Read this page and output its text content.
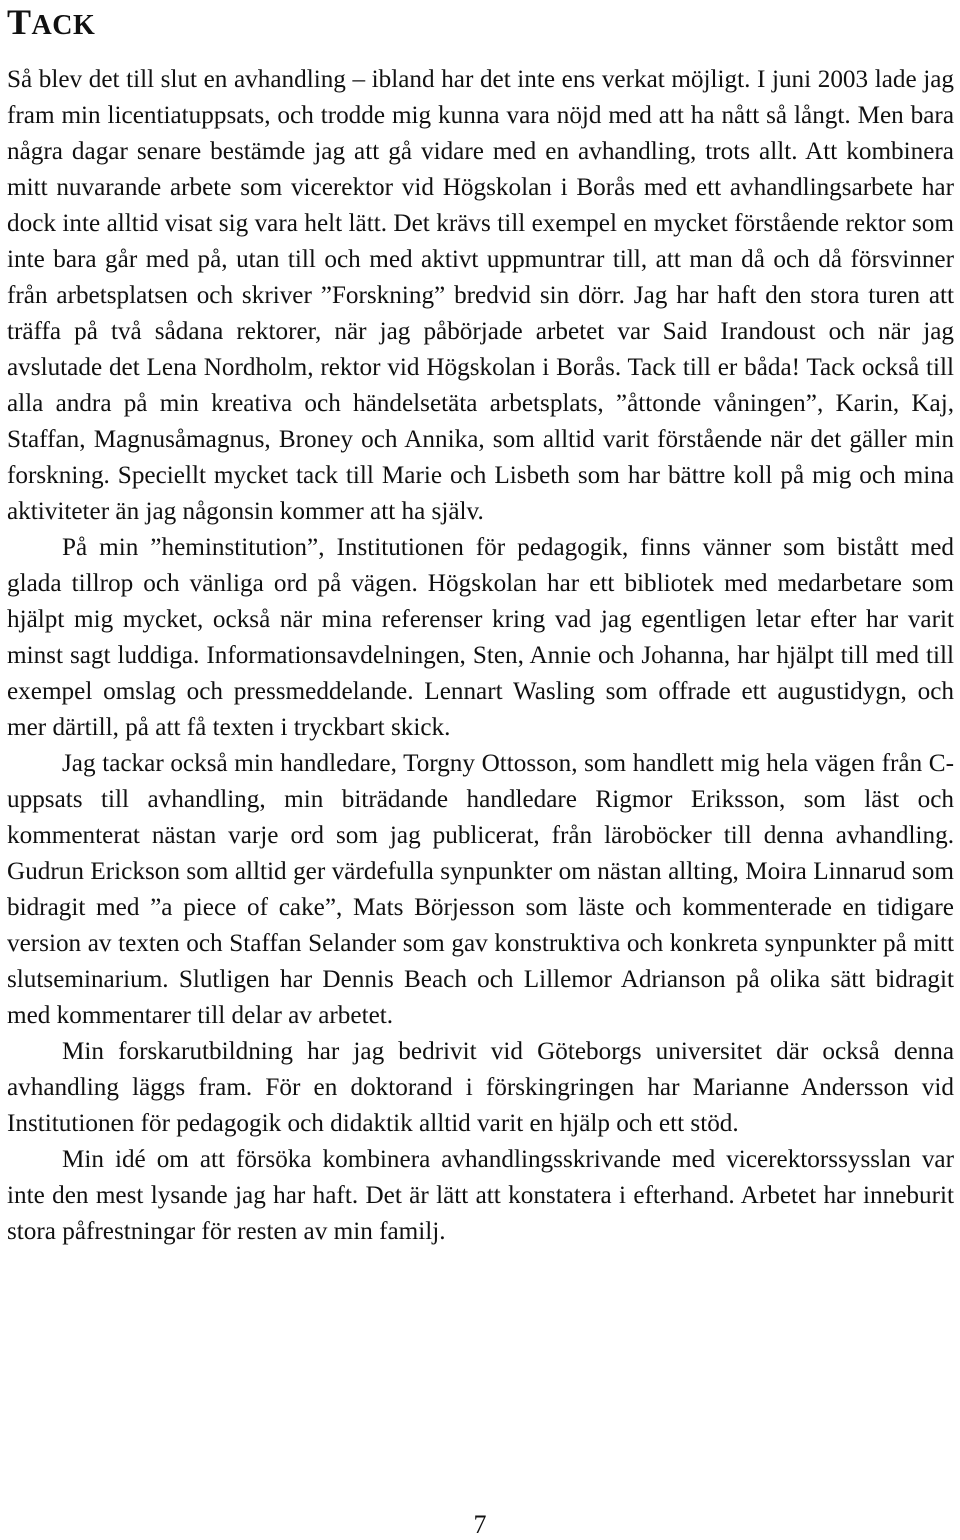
TACK

Så blev det till slut en avhandling – ibland har det inte ens verkat möjligt. I juni 2003 lade jag fram min licentiatuppsats, och trodde mig kunna vara nöjd med att ha nått så långt. Men bara några dagar senare bestämde jag att gå vidare med en avhandling, trots allt. Att kombinera mitt nuvarande arbete som vicerektor vid Högskolan i Borås med ett avhandlingsarbete har dock inte alltid visat sig vara helt lätt. Det krävs till exempel en mycket förstående rektor som inte bara går med på, utan till och med aktivt uppmuntrar till, att man då och då försvinner från arbetsplatsen och skriver ”Forskning” bredvid sin dörr. Jag har haft den stora turen att träffa på två sådana rektorer, när jag påbörjade arbetet var Said Irandoust och när jag avslutade det Lena Nordholm, rektor vid Högskolan i Borås. Tack till er båda! Tack också till alla andra på min kreativa och händelsetäta arbetsplats, ”åttonde våningen”, Karin, Kaj, Staffan, Magnusåmagnus, Broney och Annika, som alltid varit förstående när det gäller min forskning. Speciellt mycket tack till Marie och Lisbeth som har bättre koll på mig och mina aktiviteter än jag någonsin kommer att ha själv.

På min ”heminstitution”, Institutionen för pedagogik, finns vänner som bistått med glada tillrop och vänliga ord på vägen. Högskolan har ett bibliotek med medarbetare som hjälpt mig mycket, också när mina referenser kring vad jag egentligen letar efter har varit minst sagt luddiga. Informationsavdelningen, Sten, Annie och Johanna, har hjälpt till med till exempel omslag och pressmeddelande. Lennart Wasling som offrade ett augustidygn, och mer därtill, på att få texten i tryckbart skick.

Jag tackar också min handledare, Torgny Ottosson, som handlett mig hela vägen från C-uppsats till avhandling, min biträdande handledare Rigmor Eriksson, som läst och kommenterat nästan varje ord som jag publicerat, från läroböcker till denna avhandling. Gudrun Erickson som alltid ger värdefulla synpunkter om nästan allting, Moira Linnarud som bidragit med ”a piece of cake”, Mats Börjesson som läste och kommenterade en tidigare version av texten och Staffan Selander som gav konstruktiva och konkreta synpunkter på mitt slutseminarium. Slutligen har Dennis Beach och Lillemor Adrianson på olika sätt bidragit med kommentarer till delar av arbetet.

Min forskarutbildning har jag bedrivit vid Göteborgs universitet där också denna avhandling läggs fram. För en doktorand i förskingringen har Marianne Andersson vid Institutionen för pedagogik och didaktik alltid varit en hjälp och ett stöd.

Min idé om att försöka kombinera avhandlingsskrivande med vicerektorssysslan var inte den mest lysande jag har haft. Det är lätt att konstatera i efterhand. Arbetet har inneburit stora påfrestningar för resten av min familj.

7
